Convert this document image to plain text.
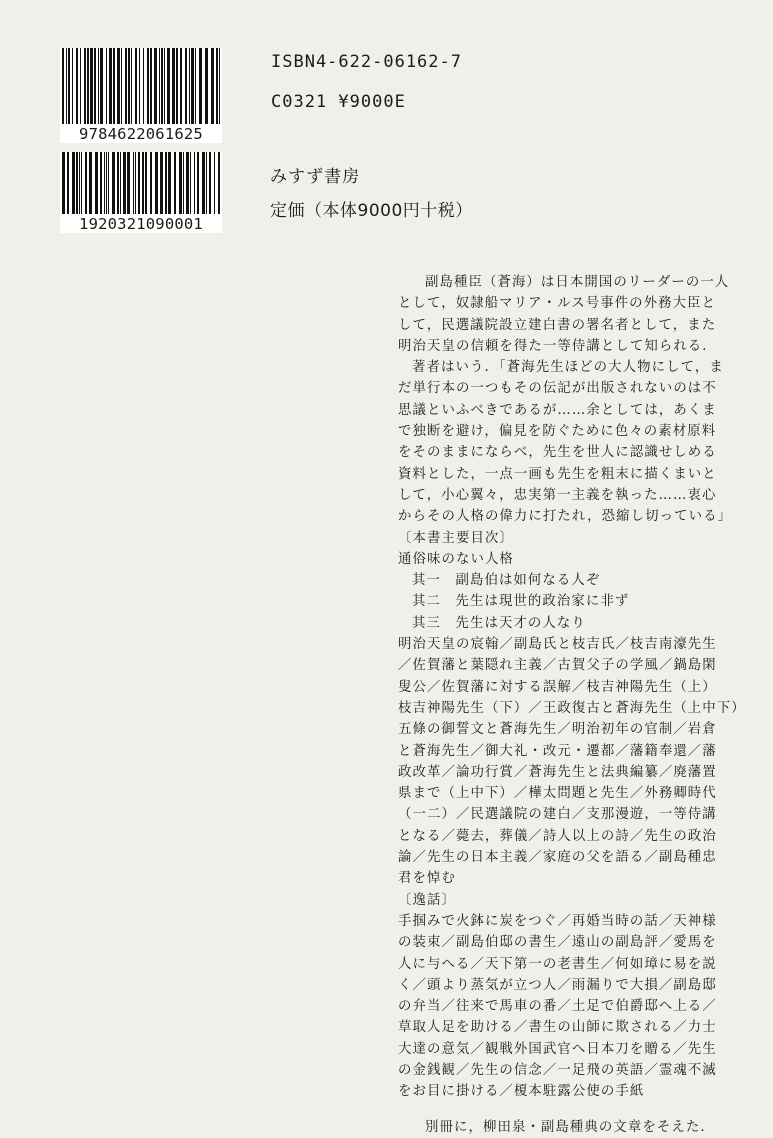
9784622061625
1920321090001
ISBN4-622-06162-7
C0321 ¥9000E
みすず書房
定価（本体9000円十税）
副島種臣（蒼海）は日本開国のリーダーの一人
として，奴隷船マリア・ルス号事件の外務大臣と
して，民選議院設立建白書の署名者として，また
明治天皇の信頼を得た一等侍講として知られる．
著者はいう．「蒼海先生ほどの大人物にして，ま
だ単行本の一つもその伝記が出版されないのは不
思議といふべきであるが……余としては，あくま
で独断を避け，偏見を防ぐために色々の素材原料
をそのままにならべ，先生を世人に認識せしめる
資料とした，一点一画も先生を粗末に描くまいと
して，小心翼々，忠実第一主義を執った……衷心
からその人格の偉力に打たれ，恐縮し切っている」
〔本書主要目次〕
通俗味のない人格
其一　副島伯は如何なる人ぞ
其二　先生は現世的政治家に非ず
其三　先生は天才の人なり
明治天皇の宸翰／副島氏と枝吉氏／枝吉南濠先生
／佐賀藩と葉隠れ主義／古賀父子の学風／鍋島閑
叟公／佐賀藩に対する誤解／枝吉神陽先生（上）
枝吉神陽先生（下）／王政復古と蒼海先生（上中下）
五條の御誓文と蒼海先生／明治初年の官制／岩倉
と蒼海先生／御大礼・改元・遷都／藩籍奉還／藩
政改革／論功行賞／蒼海先生と法典編纂／廃藩置
県まで（上中下）／樺太問題と先生／外務卿時代
（一二）／民選議院の建白／支那漫遊，一等侍講
となる／薨去，葬儀／詩人以上の詩／先生の政治
論／先生の日本主義／家庭の父を語る／副島種忠
君を悼む
〔逸話〕
手掴みで火鉢に炭をつぐ／再婚当時の話／天神様
の装束／副島伯邸の書生／遠山の副島評／愛馬を
人に与へる／天下第一の老書生／何如璋に易を説
く／頭より蒸気が立つ人／雨漏りで大損／副島邸
の弁当／往来で馬車の番／土足で伯爵邸へ上る／
草取人足を助ける／書生の山師に欺される／力士
大達の意気／観戦外国武官へ日本刀を贈る／先生
の金銭観／先生の信念／一足飛の英語／霊魂不滅
をお目に掛ける／榎本駐露公使の手紙
別冊に，柳田泉・副島種典の文章をそえた．
